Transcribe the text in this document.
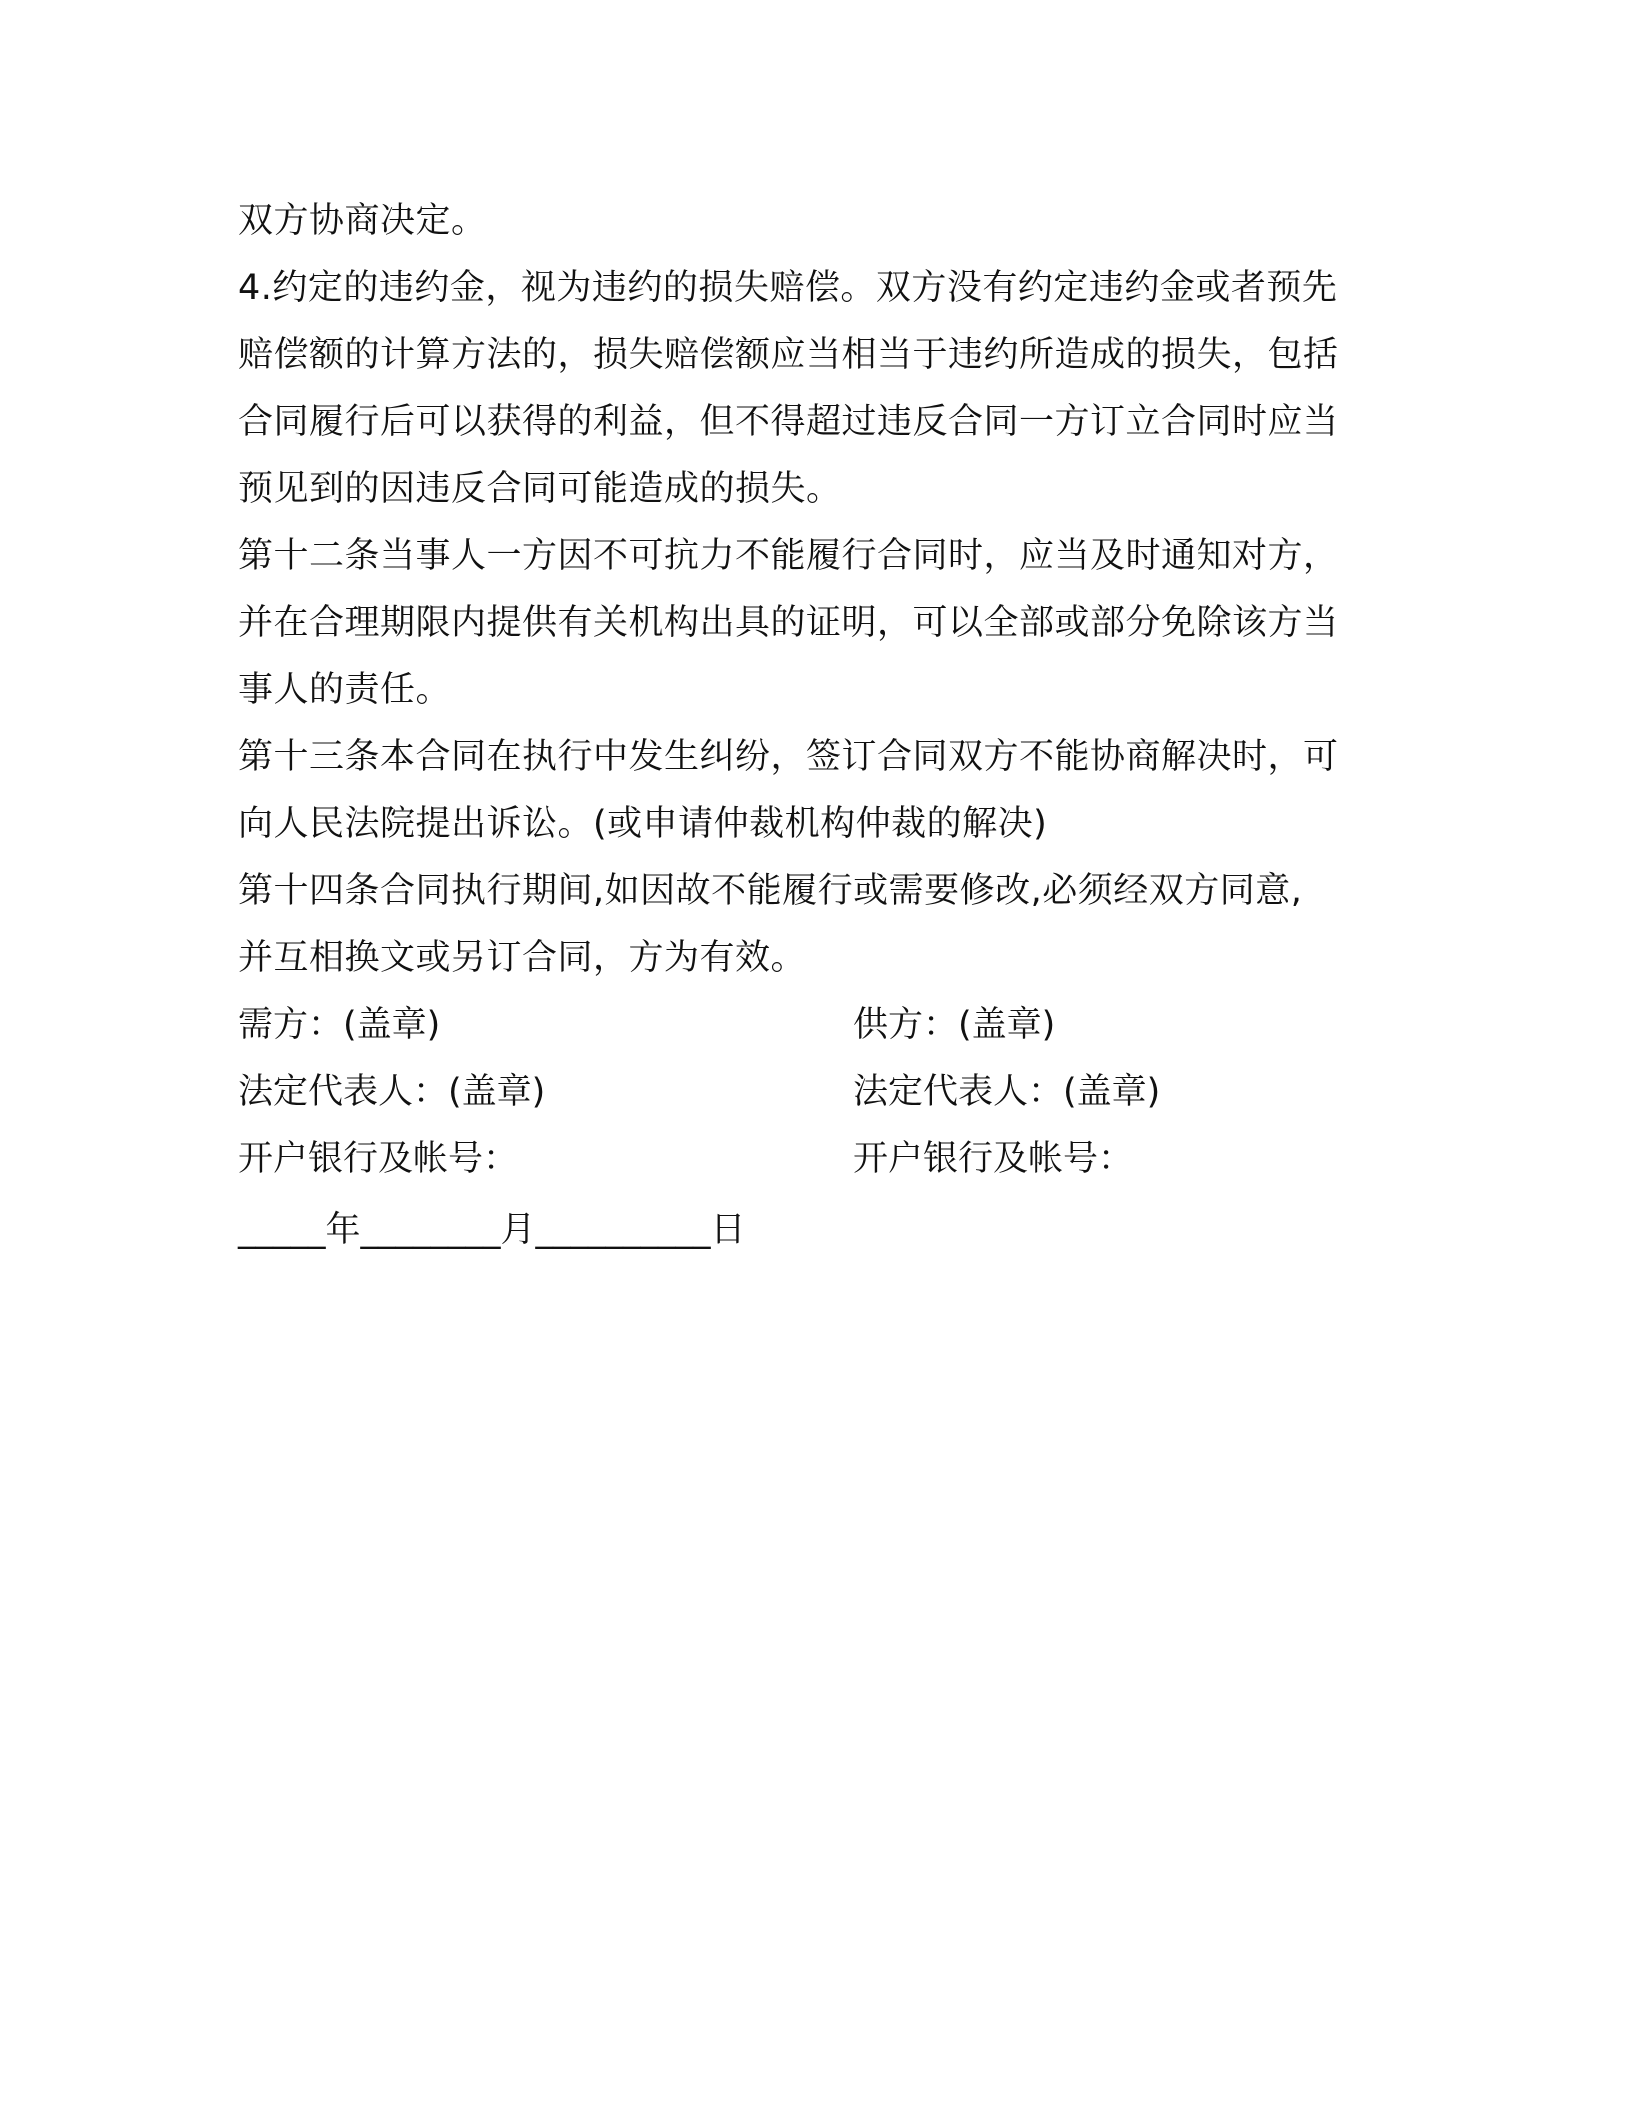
双方协商决定。
4.约定的违约金，视为违约的损失赔偿。双方没有约定违约金或者预先
赔偿额的计算方法的，损失赔偿额应当相当于违约所造成的损失，包括
合同履行后可以获得的利益，但不得超过违反合同一方订立合同时应当
预见到的因违反合同可能造成的损失。
第十二条当事人一方因不可抗力不能履行合同时，应当及时通知对方，
并在合理期限内提供有关机构出具的证明，可以全部或部分免除该方当
事人的责任。
第十三条本合同在执行中发生纠纷，签订合同双方不能协商解决时，可
向人民法院提出诉讼。(或申请仲裁机构仲裁的解决)
第十四条合同执行期间,如因故不能履行或需要修改,必须经双方同意,
并互相换文或另订合同，方为有效。
需方：(盖章)	供方：(盖章)
法定代表人：(盖章)	法定代表人：(盖章)
开户银行及帐号：	开户银行及帐号：
_____年________月__________日
